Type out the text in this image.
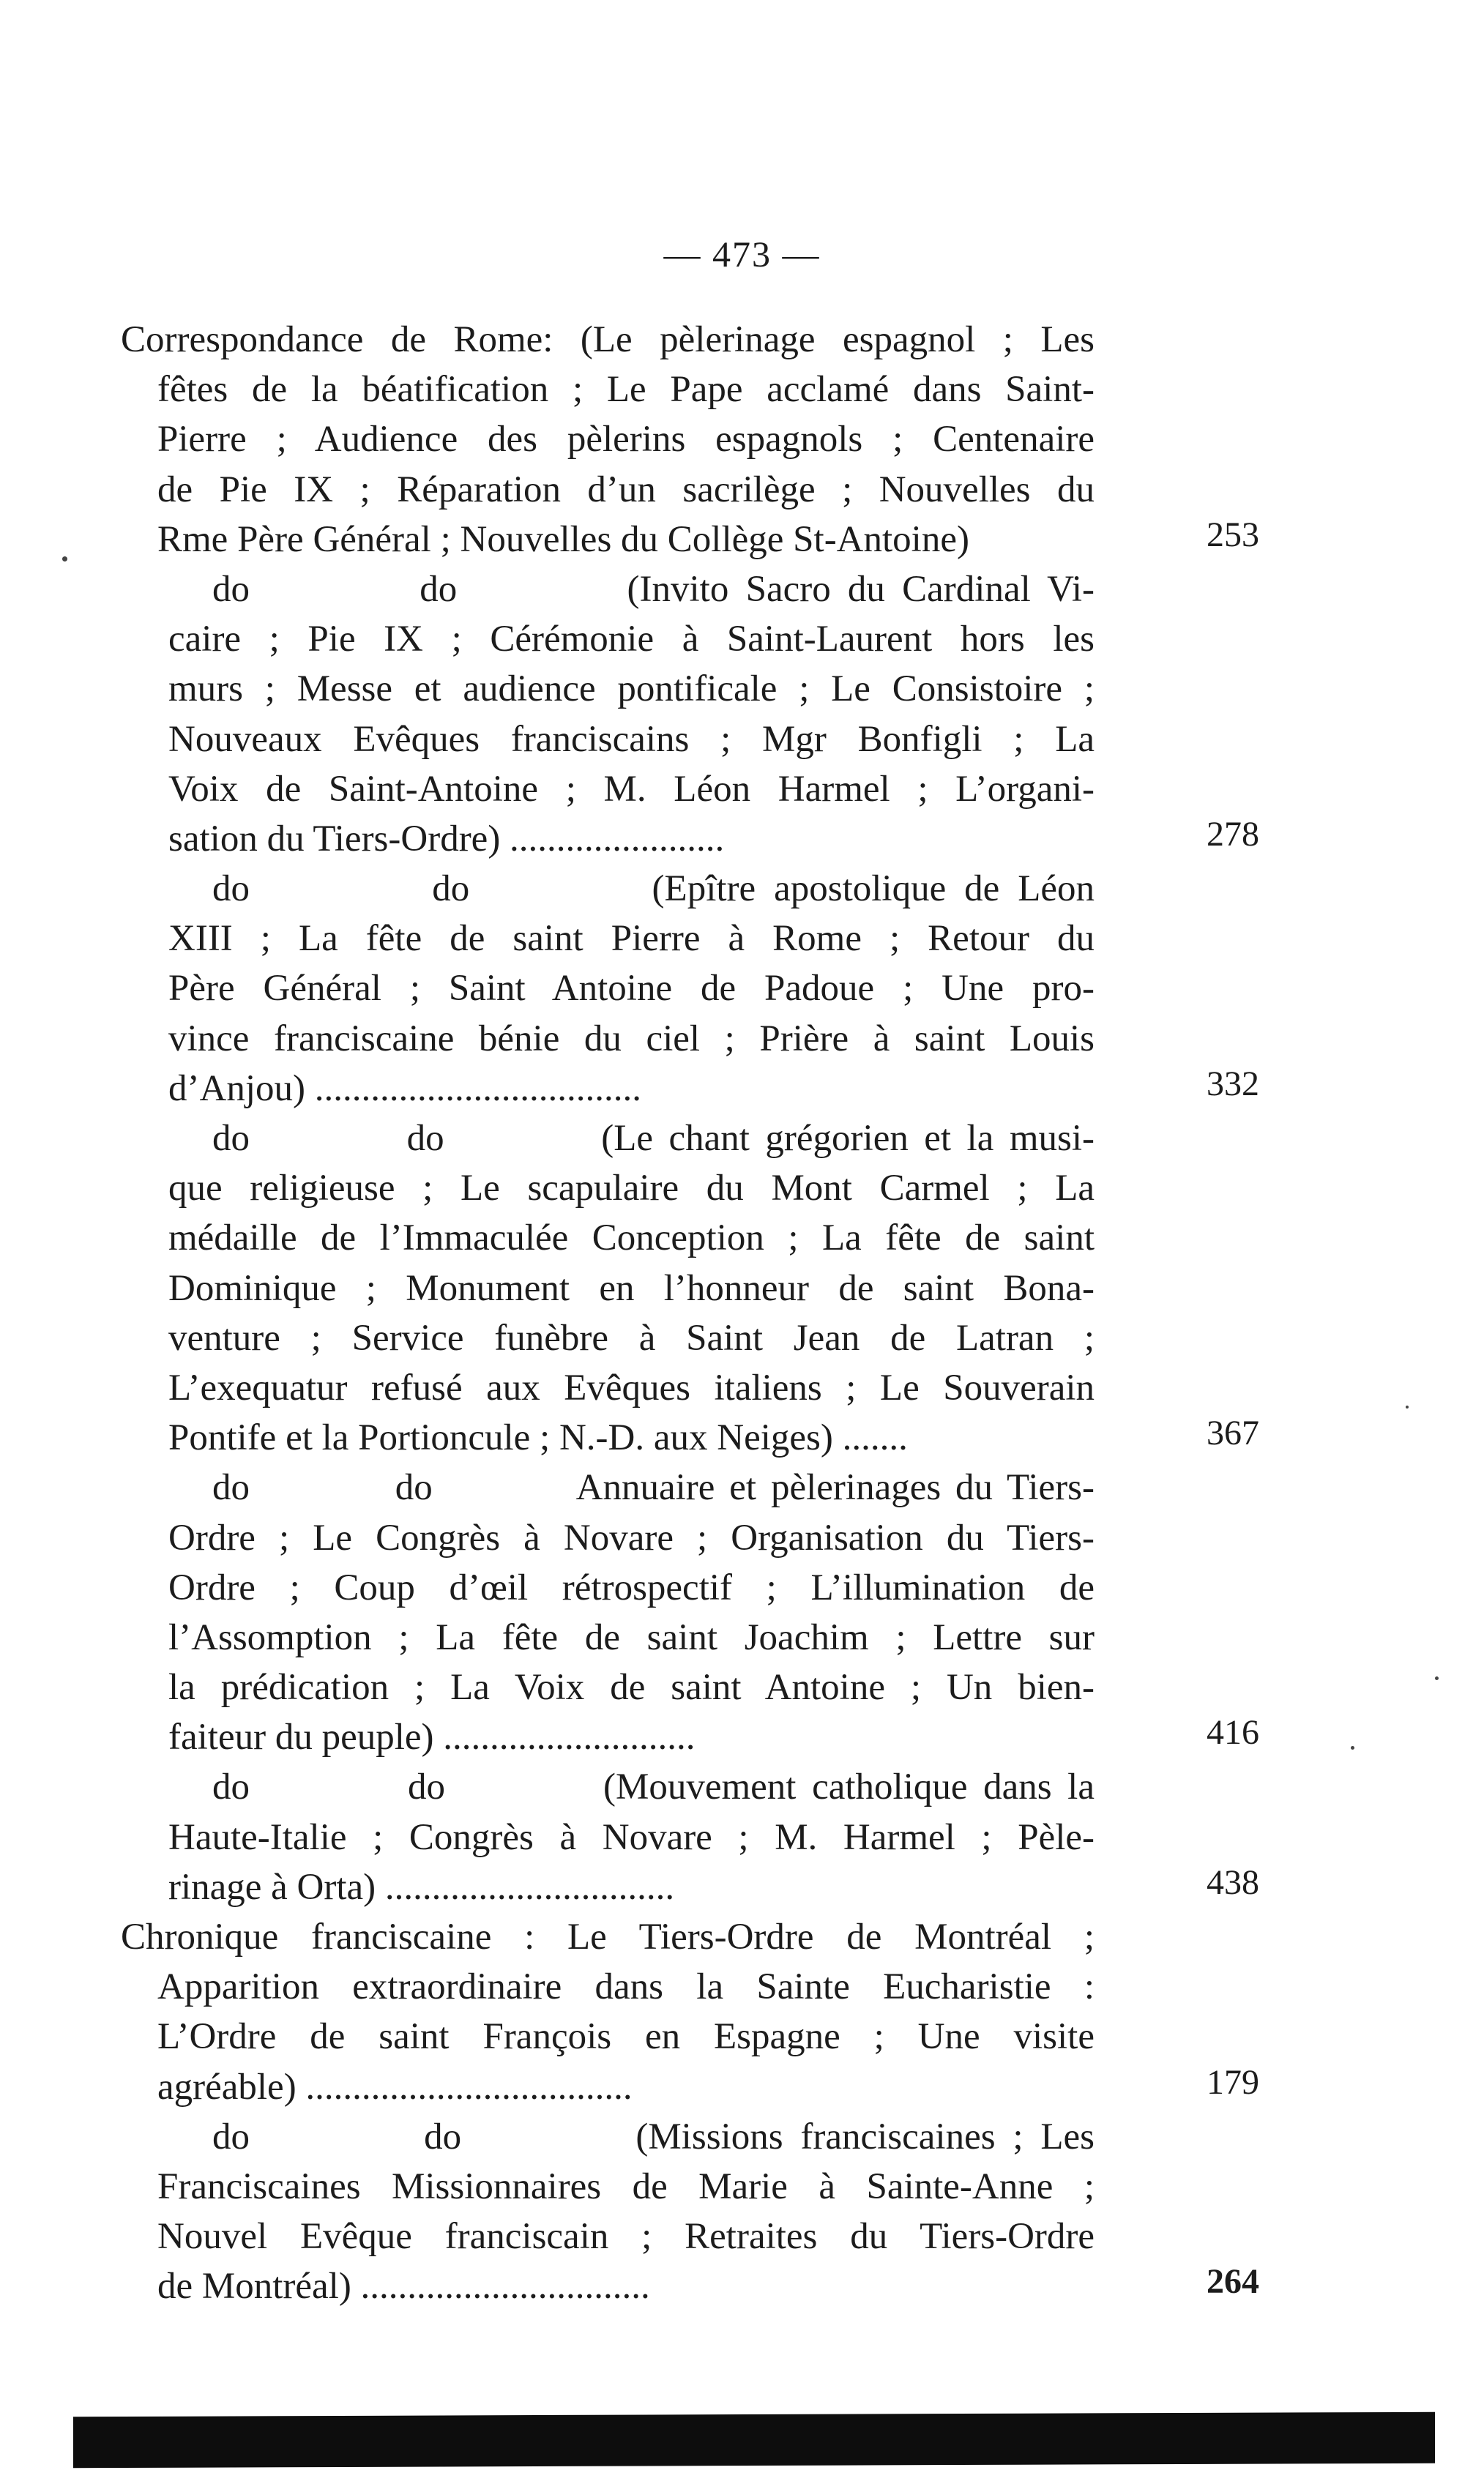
— 473 —
Correspondance de Rome: (Le pèlerinage espagnol ; Les
fêtes de la béatification ; Le Pape acclamé dans Saint-
Pierre ; Audience des pèlerins espagnols ; Centenaire
de Pie IX ; Réparation d’un sacrilège ; Nouvelles du
Rme Père Général ; Nouvelles du Collège St-Antoine)	253
do          do          (Invito Sacro du Cardinal Vi-
caire ; Pie IX ; Cérémonie à Saint-Laurent hors les
murs ; Messe et audience pontificale ; Le Consistoire ;
Nouveaux Evêques franciscains ; Mgr Bonfigli ; La
Voix de Saint-Antoine ; M. Léon Harmel ; L’organi-
sation du Tiers-Ordre) .......................	278
do          do          (Epître apostolique de Léon
XIII ; La fête de saint Pierre à Rome ; Retour du
Père Général ; Saint Antoine de Padoue ; Une pro-
vince franciscaine bénie du ciel ; Prière à saint Louis
d’Anjou) ...................................	332
do          do          (Le chant grégorien et la musi-
que religieuse ; Le scapulaire du Mont Carmel ; La
médaille de l’Immaculée Conception ; La fête de saint
Dominique ; Monument en l’honneur de saint Bona-
venture ; Service funèbre à Saint Jean de Latran ;
L’exequatur refusé aux Evêques italiens ; Le Souverain
Pontife et la Portioncule ; N.-D. aux Neiges) .......	367
do          do          Annuaire et pèlerinages du Tiers-
Ordre ; Le Congrès à Novare ; Organisation du Tiers-
Ordre ; Coup d’œil rétrospectif ; L’illumination de
l’Assomption ; La fête de saint Joachim ; Lettre sur
la prédication ; La Voix de saint Antoine ; Un bien-
faiteur du peuple) ...........................	416
do          do          (Mouvement catholique dans la
Haute-Italie ; Congrès à Novare ; M. Harmel ; Pèle-
rinage à Orta) ...............................	438
Chronique franciscaine : Le Tiers-Ordre de Montréal ;
Apparition extraordinaire dans la Sainte Eucharistie :
L’Ordre de saint François en Espagne ; Une visite
agréable) ...................................	179
do          do          (Missions franciscaines ; Les
Franciscaines Missionnaires de Marie à Sainte-Anne ;
Nouvel Evêque franciscain ; Retraites du Tiers-Ordre
de Montréal) ...............................	264
